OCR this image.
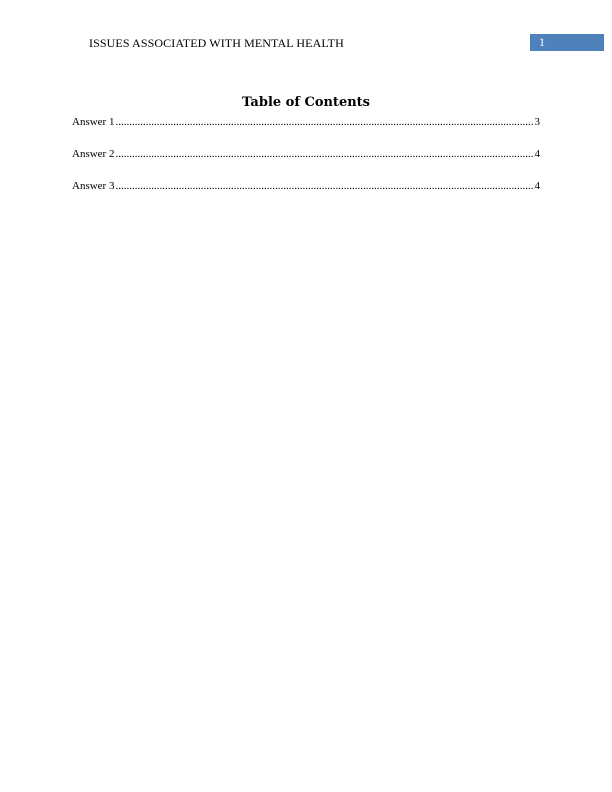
ISSUES ASSOCIATED WITH MENTAL HEALTH	1
Table of Contents
Answer 1 .....	3
Answer 2 .....	4
Answer 3 .....	4
